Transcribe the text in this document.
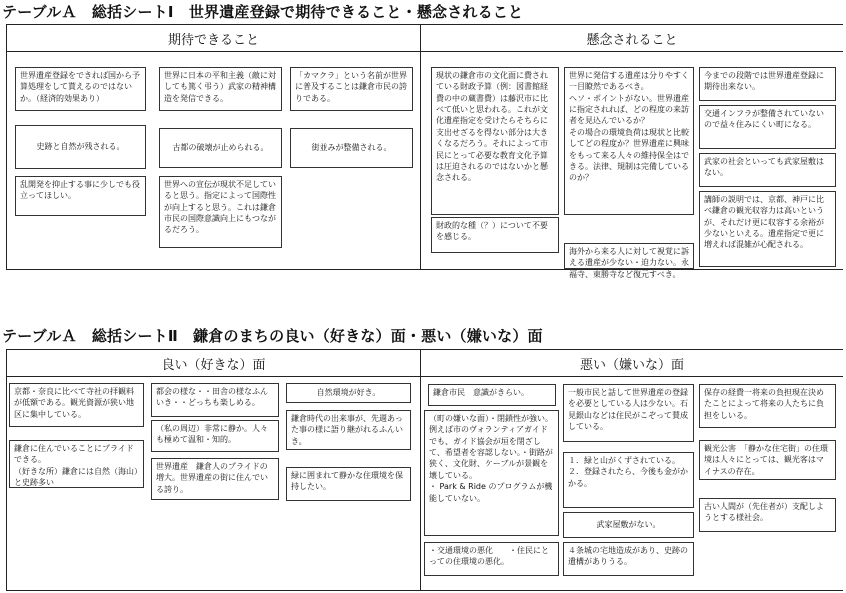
テーブルＡ　総括シートⅠ　世界遺産登録で期待できること・懸念されること
期待できること	懸念されること
世界遺産登録をできれば国から予算処理をして貰えるのではないか。（経済的効果あり）
世界に日本の平和主義（敵に対しても篤く弔う）武家の精神構造を発信できる。
「カマクラ」という名前が世界に普及することは鎌倉市民の誇りである。
史跡と自然が残される。	古都の破壊が止められる。	街並みが整備される。
乱開発を抑止する事に少しでも役立ってほしい。
世界への宣伝が現状不足していると思う。指定によって国際性が向上すると思う。これは鎌倉市民の国際意識向上にもつながるだろう。
現状の鎌倉市の文化面に費されている財政予算（例：図書館経費の中の蔵書費）は藤沢市に比べて低いと思われる。これが文化遺産指定を受けたらそちらに支出せざるを得ない部分は大きくなるだろう。それによって市民にとって必要な教育文化予算は圧迫されるのではないかと懸念される。
財政的な種（？）について不要を感じる。
世界に発信する遺産は分りやすく一目瞭然であるべき。
ヘソ・ポイントがない。世界遺産に指定されれば、どの程度の来訪者を見込んでいるか？
その場合の環境負荷は現状と比較してどの程度か？世界遺産に興味をもって来る人々の維持保全はできる。法律、規制は完備しているのか？
海外から来る人に対して視覚に訴える遺産が少ない・迫力ない。永福寺、東勝寺など復元すべき。
今までの段階では世界遺産登録に期待出来ない。
交通インフラが整備されていないので益々住みにくい町になる。
武家の社会といっても武家屋敷はない。
講師の説明では、京都、神戸に比べ鎌倉の観光収容力は高いというが、それだけ更に収容する余裕が少ないといえる。遺産指定で更に増えれば混雑が心配される。
テーブルＡ　総括シートⅡ　鎌倉のまちの良い（好きな）面・悪い（嫌いな）面
良い（好きな）面	悪い（嫌いな）面
京都・奈良に比べて寺社の拝観料が低額である。観光資源が狭い地区に集中している。
都会の様な・・田舎の様なふんいき・・どっちも楽しめる。
自然環境が好き。
鎌倉に住んでいることにプライドできる。
（好きな所）鎌倉には自然（海山）と史跡多い
（私の周辺）非常に静か。人々も極めて温和・知的。
鎌倉時代の出来事が、先週あった事の様に語り継がれるふんいき。
世界遺産　鎌倉人のプライドの増大。世界遺産の街に住んでいる誇り。
緑に囲まれて静かな住環境を保持したい。
鎌倉市民　意識がきらい。
（町の嫌いな面）・閉鎖性が強い。例えば市のヴォランティアガイドでも、ガイド協会が垣を閉ざして、希望者を容認しない。・街路が狭く、文化財、ケーブルが景観を壊している。
・ Park & Ride のプログラムが機能していない。
・交通環境の悪化　　・住民にとっての住環境の悪化。
一般市民と話して世界遺産の登録を必要としている人は少ない。石見銀山などは住民がこぞって賛成している。
１．緑と山がくずされている。
２．登録されたら、今後も金がかかる。
武家屋敷がない。
４条城の宅地造成があり、史跡の遺構がありうる。
保存の経費一将来の負担現在決めたことによって将来の人たちに負担をしいる。
観光公害　「静かな住宅街」の住環境は人々にとっては、観光客はマイナスの存在。
古い人間が（先住者が）支配しようとする様社会。
